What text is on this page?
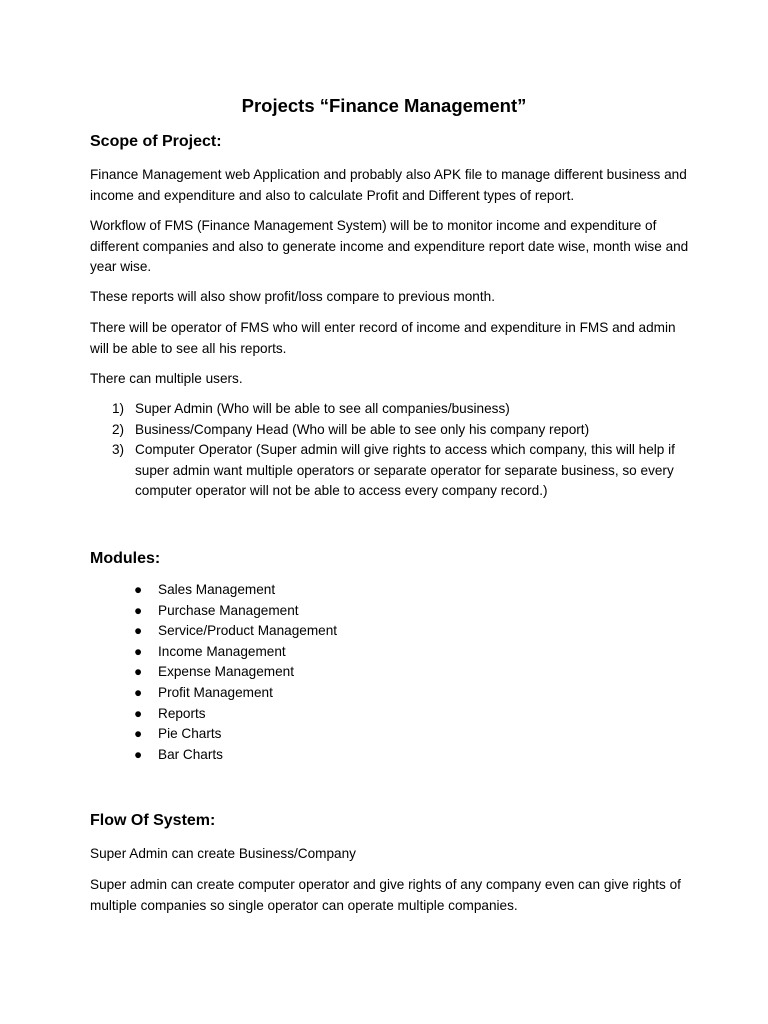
Projects “Finance Management”
Scope of Project:
Finance Management web Application and probably also APK file to manage different business and income and expenditure and also to calculate Profit and Different types of report.
Workflow of FMS (Finance Management System) will be to monitor income and expenditure of different companies and also to generate income and expenditure report date wise, month wise and year wise.
These reports will also show profit/loss compare to previous month.
There will be operator of FMS who will enter record of income and expenditure in FMS and admin will be able to see all his reports.
There can multiple users.
1) Super Admin (Who will be able to see all companies/business)
2) Business/Company Head (Who will be able to see only his company report)
3) Computer Operator (Super admin will give rights to access which company, this will help if super admin want multiple operators or separate operator for separate business, so every computer operator will not be able to access every company record.)
Modules:
● Sales Management
● Purchase Management
● Service/Product Management
● Income Management
● Expense Management
● Profit Management
● Reports
● Pie Charts
● Bar Charts
Flow Of System:
Super Admin can create Business/Company
Super admin can create computer operator and give rights of any company even can give rights of multiple companies so single operator can operate multiple companies.
